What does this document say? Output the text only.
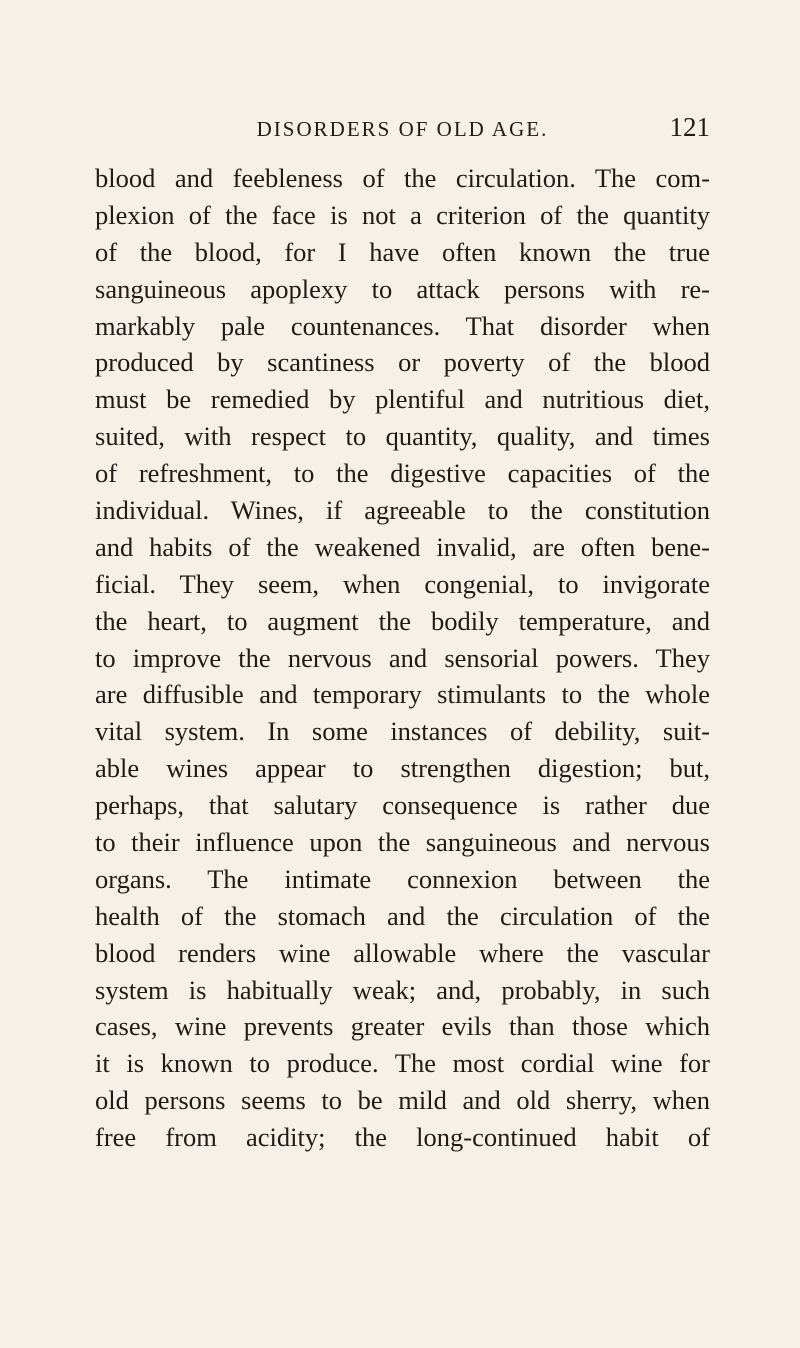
DISORDERS OF OLD AGE.	121
blood and feebleness of the circulation. The com-
plexion of the face is not a criterion of the quantity
of the blood, for I have often known the true
sanguineous apoplexy to attack persons with re-
markably pale countenances. That disorder when
produced by scantiness or poverty of the blood
must be remedied by plentiful and nutritious diet,
suited, with respect to quantity, quality, and times
of refreshment, to the digestive capacities of the
individual. Wines, if agreeable to the constitution
and habits of the weakened invalid, are often bene-
ficial. They seem, when congenial, to invigorate
the heart, to augment the bodily temperature, and
to improve the nervous and sensorial powers. They
are diffusible and temporary stimulants to the whole
vital system. In some instances of debility, suit-
able wines appear to strengthen digestion; but,
perhaps, that salutary consequence is rather due
to their influence upon the sanguineous and nervous
organs. The intimate connexion between the
health of the stomach and the circulation of the
blood renders wine allowable where the vascular
system is habitually weak; and, probably, in such
cases, wine prevents greater evils than those which
it is known to produce. The most cordial wine for
old persons seems to be mild and old sherry, when
free from acidity; the long-continued habit of
